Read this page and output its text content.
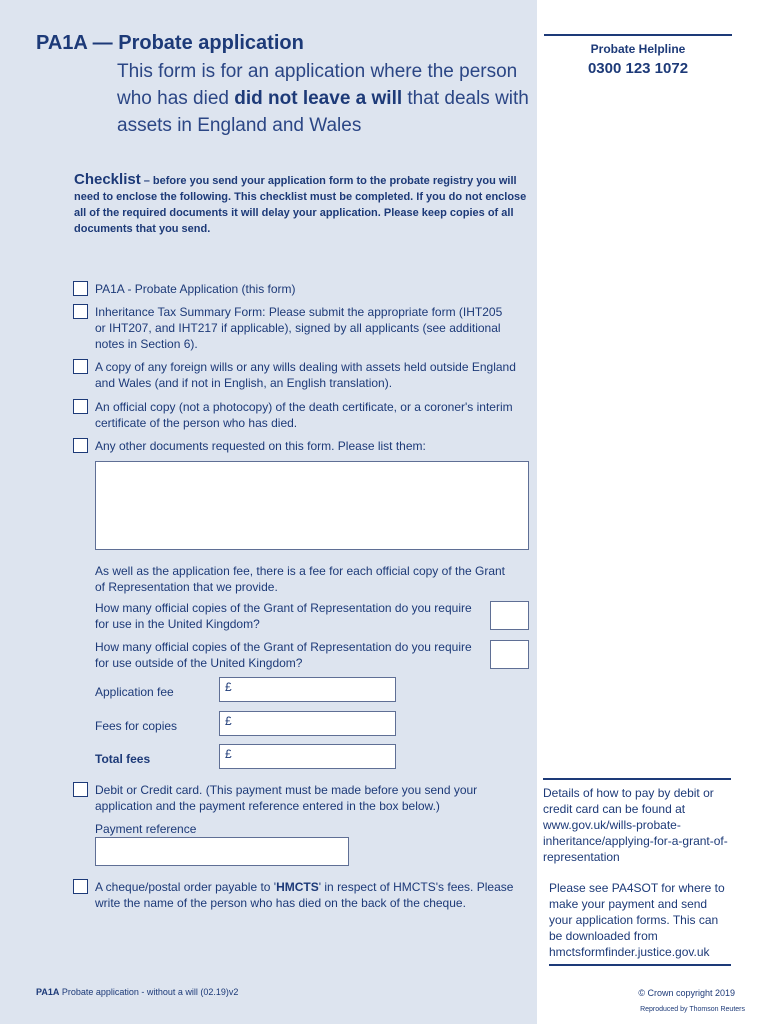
PA1A — Probate application
This form is for an application where the person who has died did not leave a will that deals with assets in England and Wales
Probate Helpline
0300 123 1072
Checklist – before you send your application form to the probate registry you will need to enclose the following. This checklist must be completed. If you do not enclose all of the required documents it will delay your application. Please keep copies of all documents that you send.
PA1A - Probate Application (this form)
Inheritance Tax Summary Form: Please submit the appropriate form (IHT205 or IHT207, and IHT217 if applicable), signed by all applicants (see additional notes in Section 6).
A copy of any foreign wills or any wills dealing with assets held outside England and Wales (and if not in English, an English translation).
An official copy (not a photocopy) of the death certificate, or a coroner's interim certificate of the person who has died.
Any other documents requested on this form. Please list them:
As well as the application fee, there is a fee for each official copy of the Grant of Representation that we provide.
How many official copies of the Grant of Representation do you require for use in the United Kingdom?
How many official copies of the Grant of Representation do you require for use outside of the United Kingdom?
Application fee	£
Fees for copies	£
Total fees	£
Debit or Credit card. (This payment must be made before you send your application and the payment reference entered in the box below.)
Payment reference
A cheque/postal order payable to 'HMCTS' in respect of HMCTS's fees. Please write the name of the person who has died on the back of the cheque.
Details of how to pay by debit or credit card can be found at www.gov.uk/wills-probate-inheritance/applying-for-a-grant-of-representation
Please see PA4SOT for where to make your payment and send your application forms. This can be downloaded from hmctsformfinder.justice.gov.uk
PA1A Probate application - without a will (02.19)v2	© Crown copyright 2019
Reproduced by Thomson Reuters
